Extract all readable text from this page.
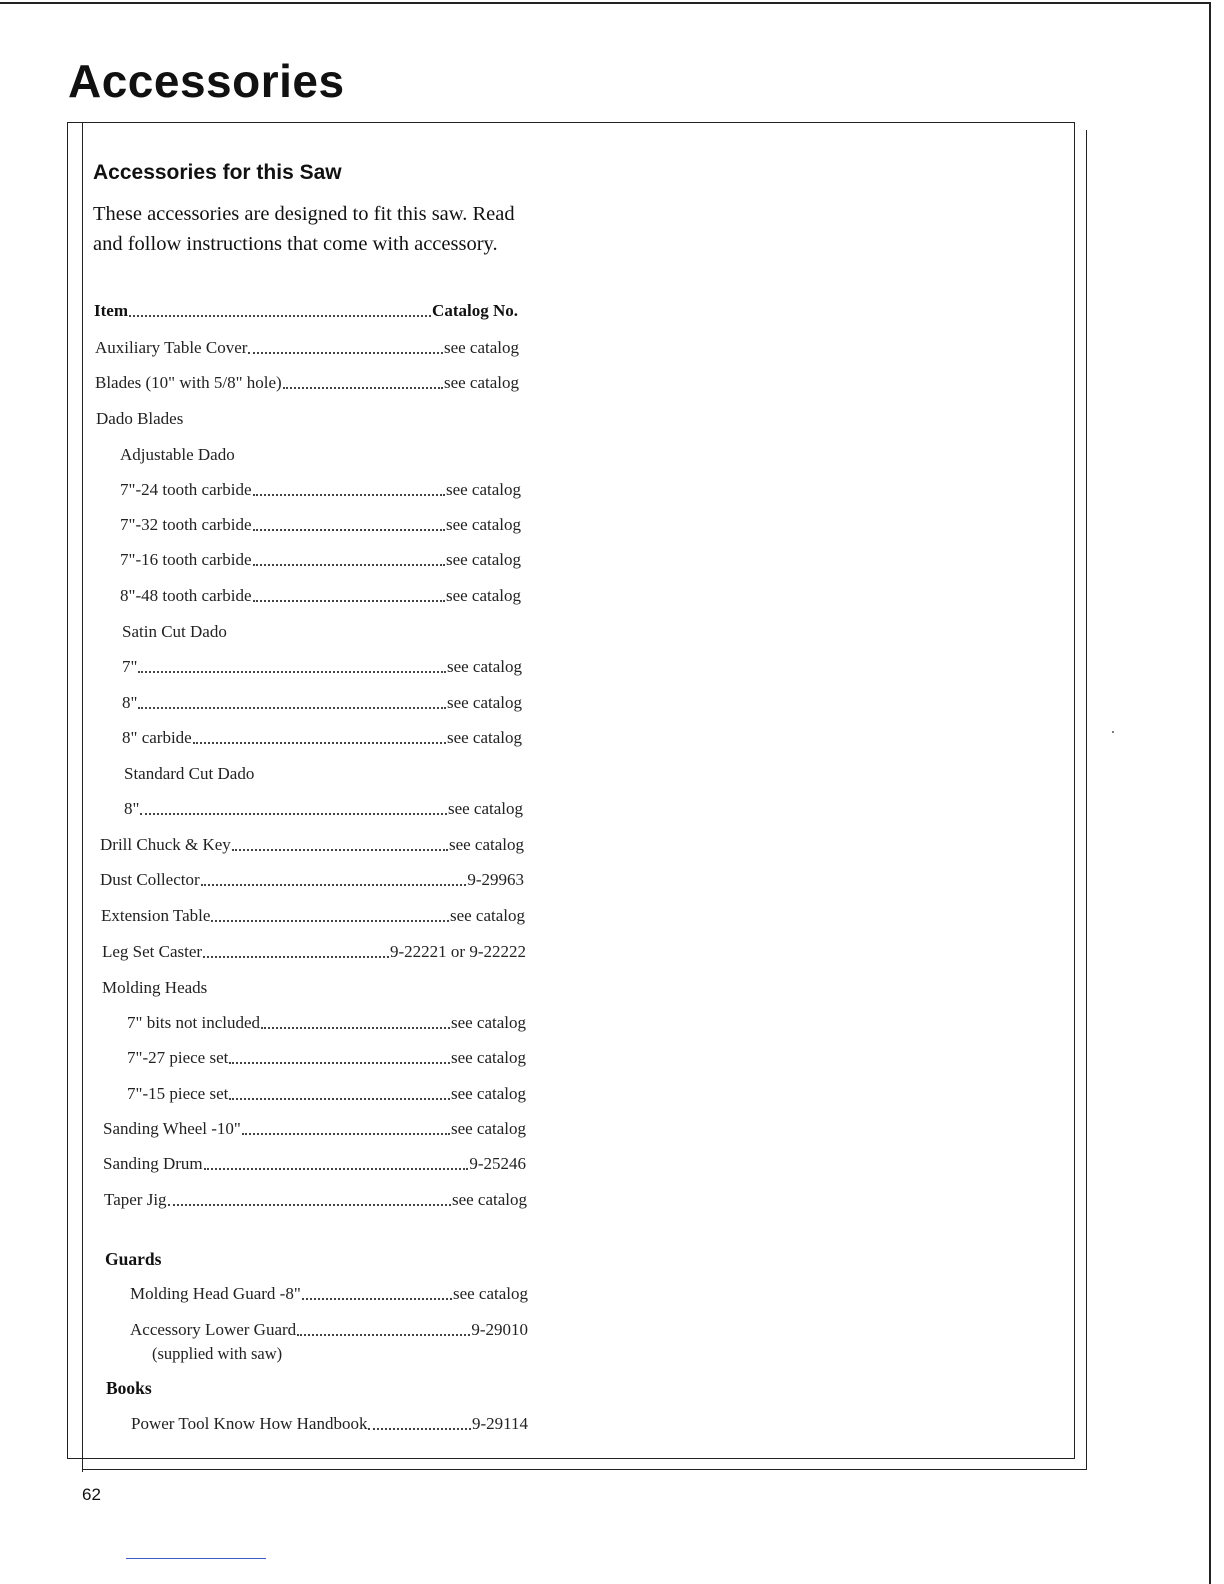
Accessories
Accessories for this Saw
These accessories are designed to fit this saw. Read and follow instructions that come with accessory.
Item	Catalog No.
Auxiliary Table Cover	see catalog
Blades (10" with 5/8" hole)	see catalog
Dado Blades
Adjustable Dado
7"-24 tooth carbide	see catalog
7"-32 tooth carbide	see catalog
7"-16 tooth carbide	see catalog
8"-48 tooth carbide	see catalog
Satin Cut Dado
7"	see catalog
8"	see catalog
8" carbide	see catalog
Standard Cut Dado
8"	see catalog
Drill Chuck & Key	see catalog
Dust Collector	9-29963
Extension Table	see catalog
Leg Set Caster	9-22221 or 9-22222
Molding Heads
7" bits not included	see catalog
7"-27 piece set	see catalog
7"-15 piece set	see catalog
Sanding Wheel -10"	see catalog
Sanding Drum	9-25246
Taper Jig	see catalog
Guards
Molding Head Guard -8"	see catalog
Accessory Lower Guard	9-29010
(supplied with saw)
Books
Power Tool Know How Handbook	9-29114
62
